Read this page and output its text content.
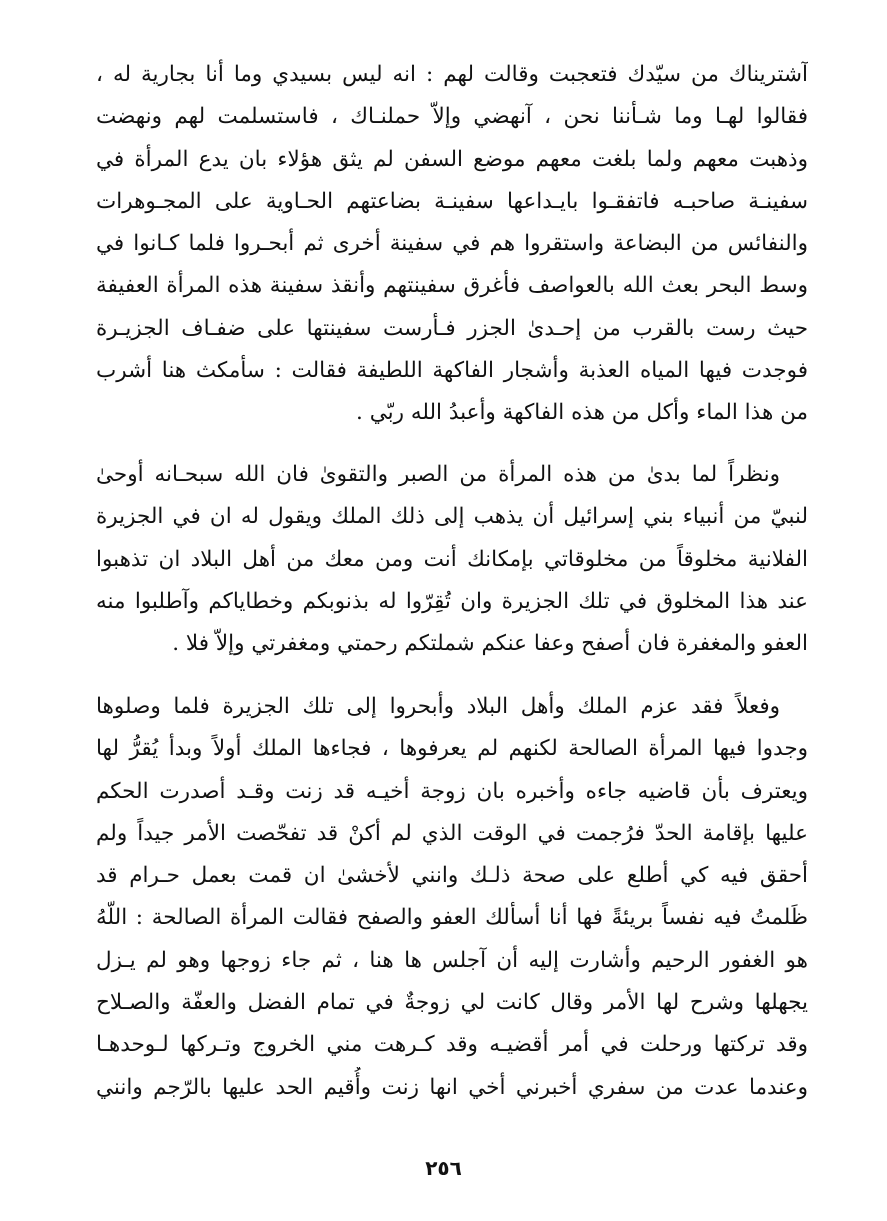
آشتريناك من سيّدك فتعجبت وقالت لهم : انه ليس بسيدي وما أنا بجارية له ،
فقالوا لهـا وما شـأننا نحن ، آنهضي وإلاّ حملنـاك ، فاستسلمت لهم ونهضت
وذهبت معهم ولما بلغت معهم موضع السفن لم يثق هؤلاء بان يدع المرأة في
سفينـة صاحبـه فاتفقـوا بايـداعها سفينـة بضاعتهم الحـاوية على المجـوهرات
والنفائس من البضاعة واستقروا هم في سفينة أخرى ثم أبحـروا فلما كـانوا في
وسط البحر بعث الله بالعواصف فأغرق سفينتهم وأنقذ سفينة هذه المرأة العفيفة
حيث رست بالقرب من إحـدىٰ الجزر فـأرست سفينتها على ضفـاف الجزيـرة
فوجدت فيها المياه العذبة وأشجار الفاكهة اللطيفة فقالت : سأمكث هنا أشرب
من هذا الماء وأكل من هذه الفاكهة وأعبدُ الله ربّي .
ونظراً لما بدىٰ من هذه المرأة من الصبر والتقوىٰ فان الله سبحـانه أوحىٰ
لنبيّ من أنبياء بني إسرائيل أن يذهب إلى ذلك الملك ويقول له ان في الجزيرة
الفلانية مخلوقاً من مخلوقاتي بإمكانك أنت ومن معك من أهل البلاد ان تذهبوا
عند هذا المخلوق في تلك الجزيرة وان تُقِرّوا له بذنوبكم وخطاياكم وآطلبوا منه
العفو والمغفرة فان أصفح وعفا عنكم شملتكم رحمتي ومغفرتي وإلاّ فلا .
وفعلاً فقد عزم الملك وأهل البلاد وأبحروا إلى تلك الجزيرة فلما وصلوها
وجدوا فيها المرأة الصالحة لكنهم لم يعرفوها ، فجاءها الملك أولاً وبدأ يُقرُّ لها
ويعترف بأن قاضيه جاءه وأخبره بان زوجة أخيـه قد زنت وقـد أصدرت الحكم
عليها بإقامة الحدّ فرُجمت في الوقت الذي لم أكنْ قد تفحّصت الأمر جيداً ولم
أحقق فيه كي أطلع على صحة ذلـك وانني لأخشىٰ ان قمت بعمل حـرام قد
ظَلمتُ فيه نفساً بريئةً فها أنا أسألك العفو والصفح فقالت المرأة الصالحة : اللّهُ
هو الغفور الرحيم وأشارت إليه أن آجلس ها هنا ، ثم جاء زوجها وهو لم يـزل
يجهلها وشرح لها الأمر وقال كانت لي زوجةٌ في تمام الفضل والعفّة والصـلاح
وقد تركتها ورحلت في أمر أقضيـه وقد كـرهت مني الخروج وتـركها لـوحدهـا
وعندما عدت من سفري أخبرني أخي انها زنت وأُقيم الحد عليها بالرّجم وانني
٢٥٦
